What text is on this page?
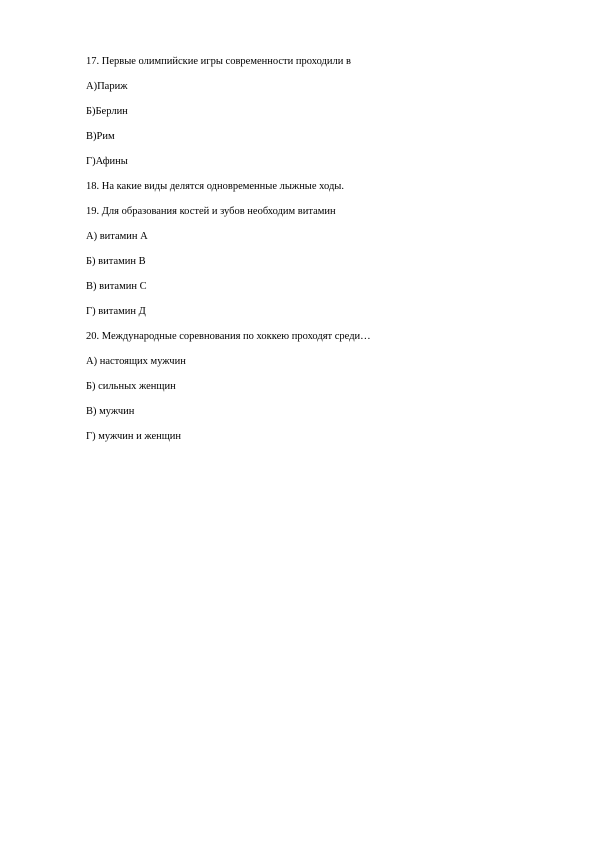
17. Первые олимпийские игры современности проходили в
А)Париж
Б)Берлин
В)Рим
Г)Афины
18. На какие виды делятся одновременные лыжные ходы.
19. Для образования костей и зубов необходим витамин
А) витамин А
Б) витамин В
В) витамин С
Г) витамин Д
20. Международные соревнования по хоккею проходят среди…
А) настоящих мужчин
Б) сильных женщин
В) мужчин
Г) мужчин и женщин
